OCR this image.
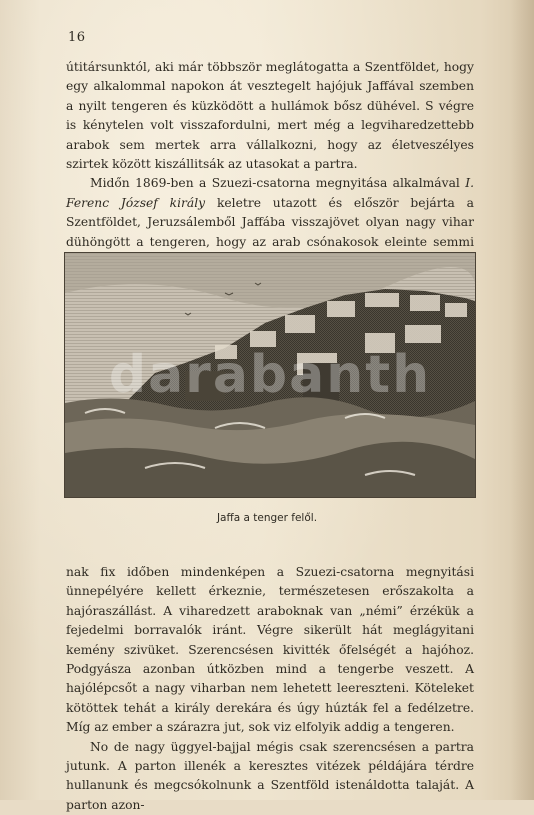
16

útitársunktól, aki már többször meglátogatta a Szentföldet, hogy egy alkalommal napokon át vesztegelt hajójuk Jaffával szemben a nyilt tengeren és küzködött a hullámok bősz dühével. S végre is kénytelen volt visszafordulni, mert még a legviharedzettebb arabok sem mertek arra vállalkozni, hogy az életveszélyes szirtek között kiszállitsák az utasokat a partra.

Midőn 1869-ben a Szuezi-csatorna megnyitása alkalmával I. Ferenc József király keletre utazott és először bejárta a Szentföldet, Jeruzsálemből Jaffába visszajövet olyan nagy vihar dühöngött a tengeren, hogy az arab csónakosok eleinte semmi

darabanth
Jaffa a tenger felől.

nak fix időben mindenképen a Szuezi-csatorna megnyitási ünnepélyére kellett érkeznie, természetesen erőszakolta a hajóraszállást. A viharedzett araboknak van „némi” érzékük a fejedelmi borravalók iránt. Végre sikerült hát meglágyitani kemény szivüket. Szerencsésen kivitték őfelségét a hajóhoz. Podgyásza azonban útközben mind a tengerbe veszett. A hajólépcsőt a nagy viharban nem lehetett leereszteni. Köteleket kötöttek tehát a király derekára és úgy húzták fel a fedélzetre. Míg az ember a szárazra jut, sok viz elfolyik addig a tengeren.

No de nagy üggyel-bajjal mégis csak szerencsésen a partra jutunk. A parton illenék a keresztes vitézek példájára térdre hullanunk és megcsókolnunk a Szentföld istenáldotta talaját. A parton azon-
